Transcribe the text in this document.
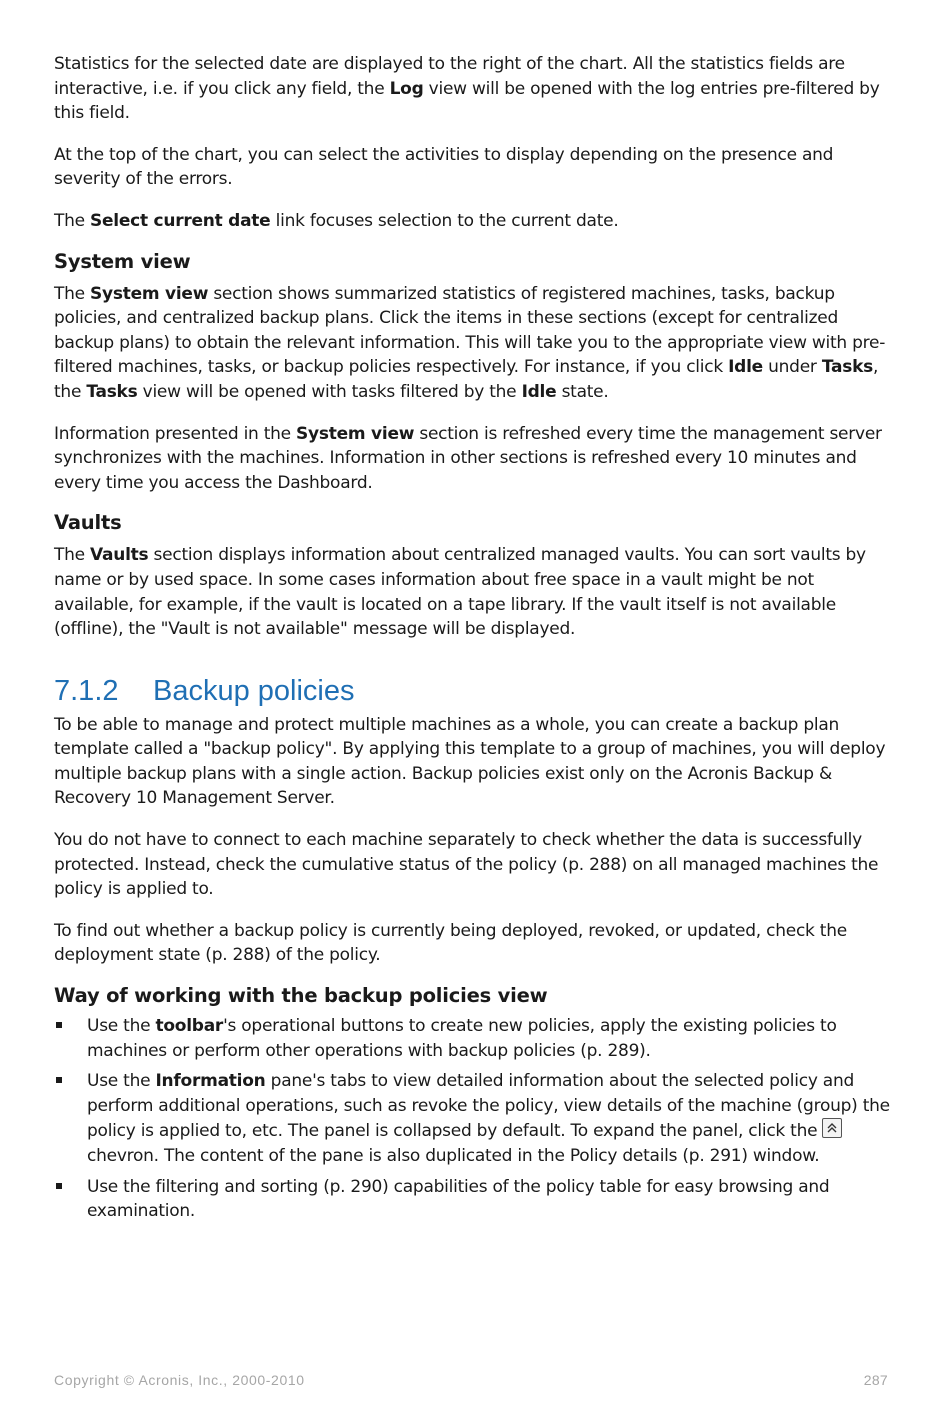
Statistics for the selected date are displayed to the right of the chart. All the statistics fields are interactive, i.e. if you click any field, the Log view will be opened with the log entries pre-filtered by this field.

At the top of the chart, you can select the activities to display depending on the presence and severity of the errors.

The Select current date link focuses selection to the current date.

System view

The System view section shows summarized statistics of registered machines, tasks, backup policies, and centralized backup plans. Click the items in these sections (except for centralized backup plans) to obtain the relevant information. This will take you to the appropriate view with pre-filtered machines, tasks, or backup policies respectively. For instance, if you click Idle under Tasks, the Tasks view will be opened with tasks filtered by the Idle state.

Information presented in the System view section is refreshed every time the management server synchronizes with the machines. Information in other sections is refreshed every 10 minutes and every time you access the Dashboard.

Vaults

The Vaults section displays information about centralized managed vaults. You can sort vaults by name or by used space. In some cases information about free space in a vault might be not available, for example, if the vault is located on a tape library. If the vault itself is not available (offline), the "Vault is not available" message will be displayed.

7.1.2 Backup policies

To be able to manage and protect multiple machines as a whole, you can create a backup plan template called a "backup policy". By applying this template to a group of machines, you will deploy multiple backup plans with a single action. Backup policies exist only on the Acronis Backup & Recovery 10 Management Server.

You do not have to connect to each machine separately to check whether the data is successfully protected. Instead, check the cumulative status of the policy (p. 288) on all managed machines the policy is applied to.

To find out whether a backup policy is currently being deployed, revoked, or updated, check the deployment state (p. 288) of the policy.

Way of working with the backup policies view
Use the toolbar's operational buttons to create new policies, apply the existing policies to machines or perform other operations with backup policies (p. 289).
Use the Information pane's tabs to view detailed information about the selected policy and perform additional operations, such as revoke the policy, view details of the machine (group) the policy is applied to, etc. The panel is collapsed by default. To expand the panel, click the
chevron. The content of the pane is also duplicated in the Policy details (p. 291) window.
Use the filtering and sorting (p. 290) capabilities of the policy table for easy browsing and examination.
Copyright © Acronis, Inc., 2000-2010	287
